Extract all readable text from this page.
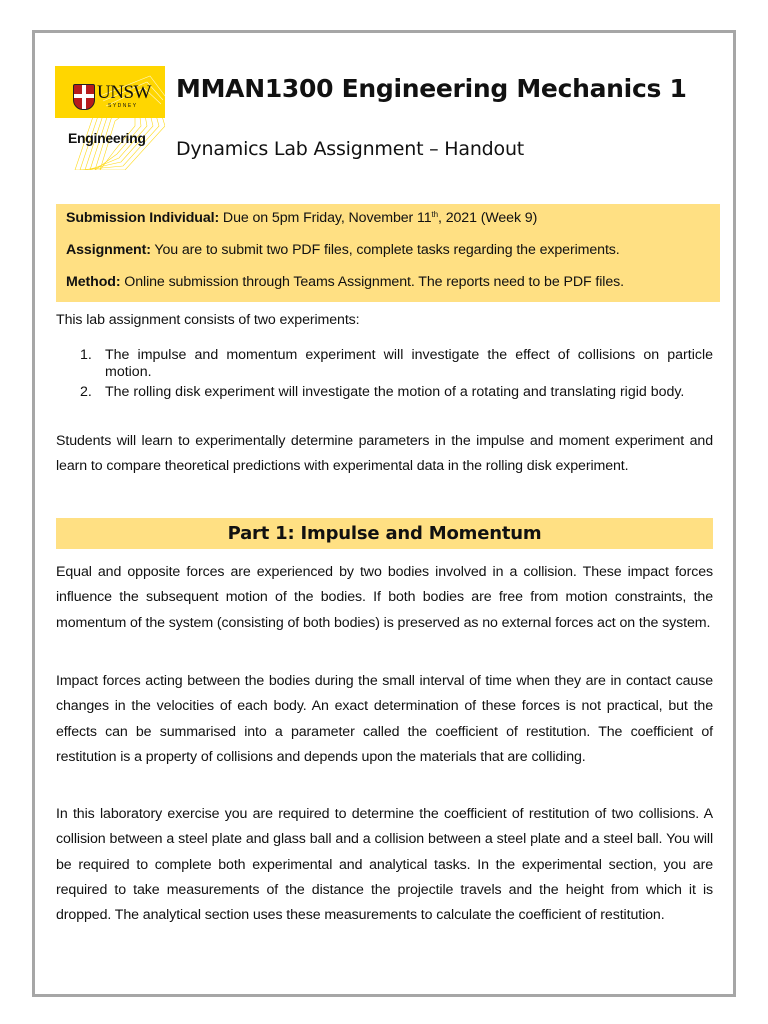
UNSW
SYDNEY
Engineering
MMAN1300 Engineering Mechanics 1
Dynamics Lab Assignment – Handout
Submission Individual: Due on 5pm Friday, November 11th, 2021 (Week 9)
Assignment: You are to submit two PDF files, complete tasks regarding the experiments.
Method: Online submission through Teams Assignment. The reports need to be PDF files.
This lab assignment consists of two experiments:
1. The impulse and momentum experiment will investigate the effect of collisions on particle motion.
2. The rolling disk experiment will investigate the motion of a rotating and translating rigid body.
Students will learn to experimentally determine parameters in the impulse and moment experiment and learn to compare theoretical predictions with experimental data in the rolling disk experiment.
Part 1: Impulse and Momentum
Equal and opposite forces are experienced by two bodies involved in a collision. These impact forces influence the subsequent motion of the bodies. If both bodies are free from motion constraints, the momentum of the system (consisting of both bodies) is preserved as no external forces act on the system.
Impact forces acting between the bodies during the small interval of time when they are in contact cause changes in the velocities of each body. An exact determination of these forces is not practical, but the effects can be summarised into a parameter called the coefficient of restitution. The coefficient of restitution is a property of collisions and depends upon the materials that are colliding.
In this laboratory exercise you are required to determine the coefficient of restitution of two collisions. A collision between a steel plate and glass ball and a collision between a steel plate and a steel ball. You will be required to complete both experimental and analytical tasks. In the experimental section, you are required to take measurements of the distance the projectile travels and the height from which it is dropped. The analytical section uses these measurements to calculate the coefficient of restitution.
